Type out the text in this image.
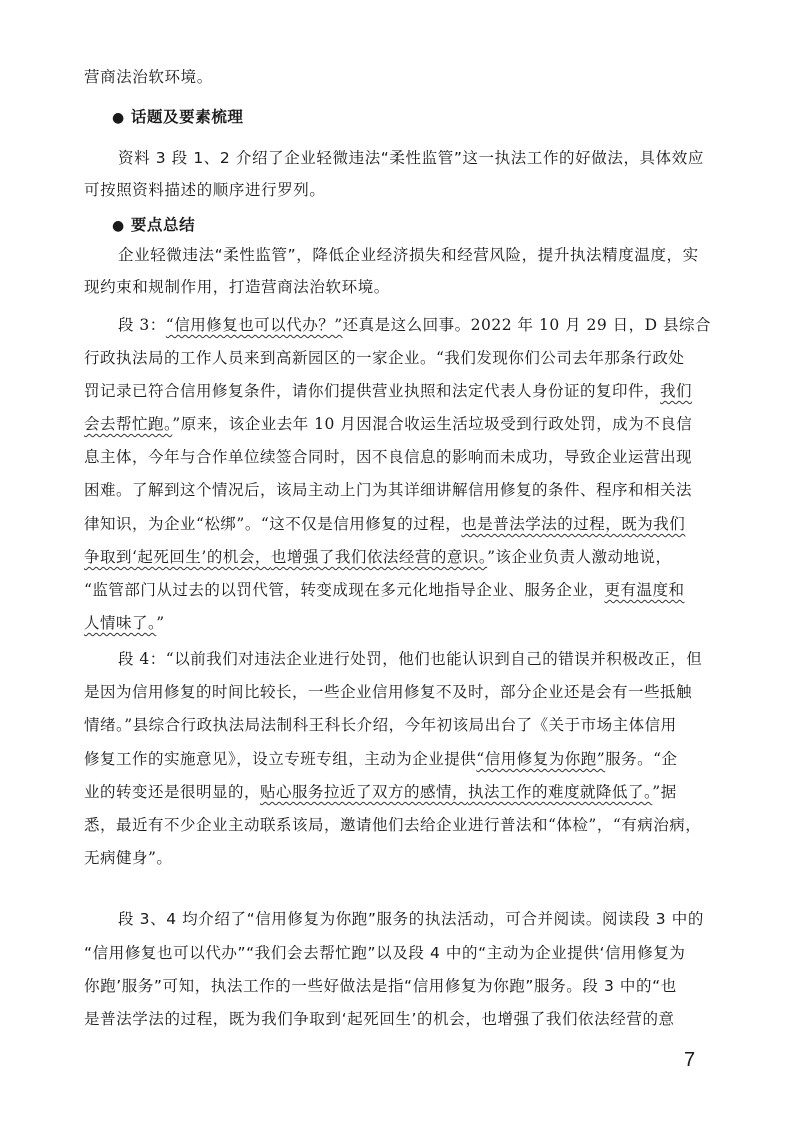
营商法治软环境。
● 话题及要素梳理
资料 3 段 1、2 介绍了企业轻微违法“柔性监管”这一执法工作的好做法，具体效应
可按照资料描述的顺序进行罗列。
● 要点总结
企业轻微违法“柔性监管”，降低企业经济损失和经营风险，提升执法精度温度，实
现约束和规制作用，打造营商法治软环境。
段 3：“信用修复也可以代办？”还真是这么回事。2022 年 10 月 29 日，D 县综合
行政执法局的工作人员来到高新园区的一家企业。“我们发现你们公司去年那条行政处
罚记录已符合信用修复条件，请你们提供营业执照和法定代表人身份证的复印件，我们
会去帮忙跑。”原来，该企业去年 10 月因混合收运生活垃圾受到行政处罚，成为不良信
息主体，今年与合作单位续签合同时，因不良信息的影响而未成功，导致企业运营出现
困难。了解到这个情况后，该局主动上门为其详细讲解信用修复的条件、程序和相关法
律知识，为企业“松绑”。“这不仅是信用修复的过程，也是普法学法的过程，既为我们
争取到‘起死回生’的机会，也增强了我们依法经营的意识。”该企业负责人激动地说，
“监管部门从过去的以罚代管，转变成现在多元化地指导企业、服务企业，更有温度和
人情味了。”
段 4：“以前我们对违法企业进行处罚，他们也能认识到自己的错误并积极改正，但
是因为信用修复的时间比较长，一些企业信用修复不及时，部分企业还是会有一些抵触
情绪。”县综合行政执法局法制科王科长介绍，今年初该局出台了《关于市场主体信用
修复工作的实施意见》，设立专班专组，主动为企业提供“信用修复为你跑”服务。“企
业的转变还是很明显的，贴心服务拉近了双方的感情，执法工作的难度就降低了。”据
悉，最近有不少企业主动联系该局，邀请他们去给企业进行普法和“体检”，“有病治病，
无病健身”。
段 3、4 均介绍了“信用修复为你跑”服务的执法活动，可合并阅读。阅读段 3 中的
“信用修复也可以代办”“我们会去帮忙跑”以及段 4 中的“主动为企业提供‘信用修复为
你跑’服务”可知，执法工作的一些好做法是指“信用修复为你跑”服务。段 3 中的“也
是普法学法的过程，既为我们争取到‘起死回生’的机会，也增强了我们依法经营的意
7
